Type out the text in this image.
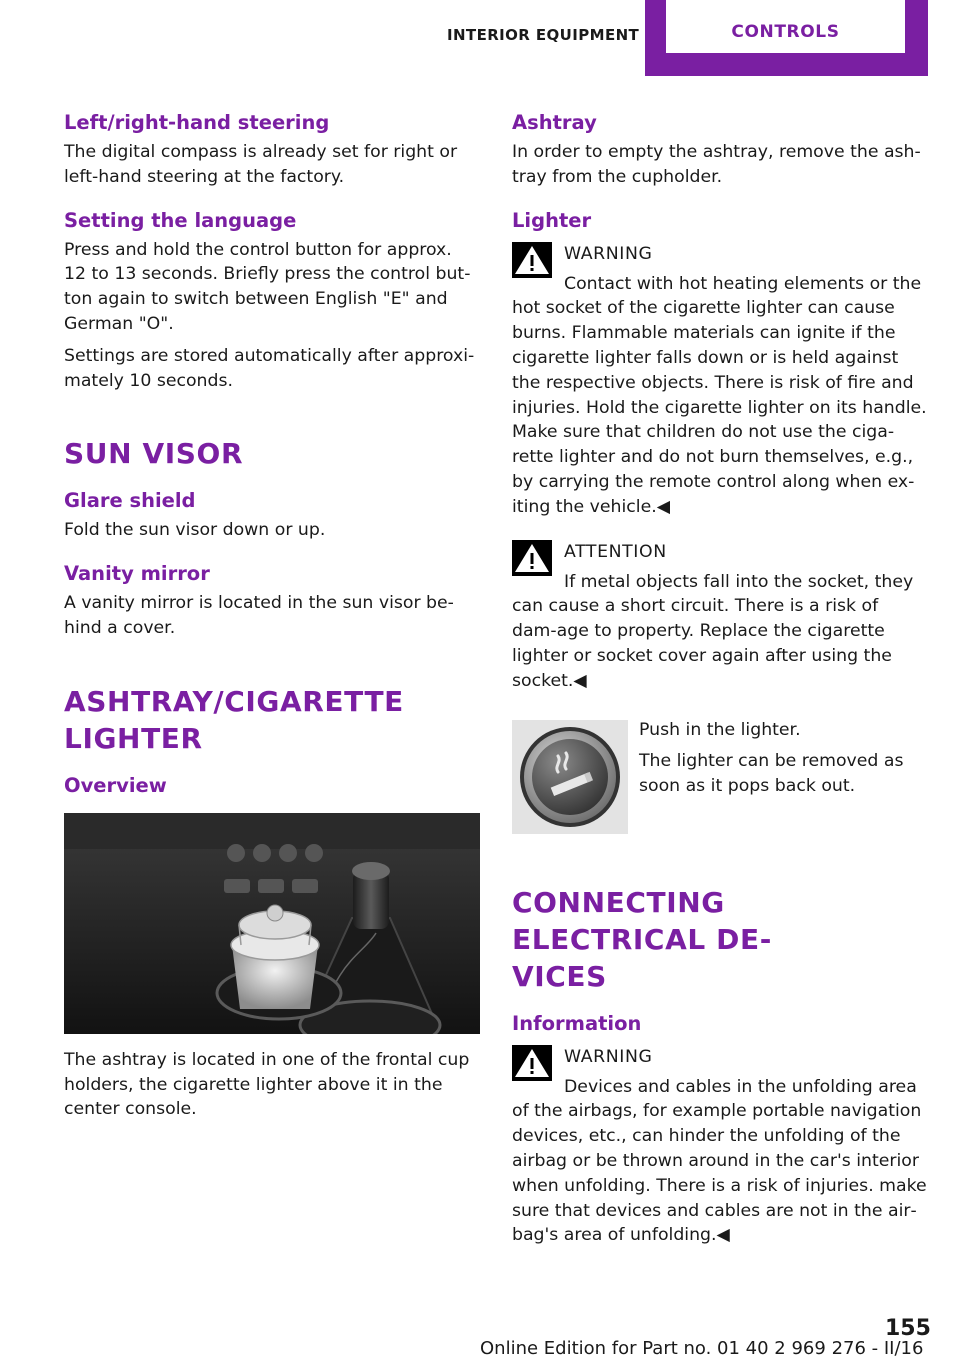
INTERIOR EQUIPMENT	CONTROLS
Left/right-hand steering

The digital compass is already set for right or left-hand steering at the factory.

Setting the language

Press and hold the control button for approx. 12 to 13 seconds. Briefly press the control but‐ton again to switch between English "E" and German "O".

Settings are stored automatically after approxi‐mately 10 seconds.

SUN VISOR
Glare shield

Fold the sun visor down or up.

Vanity mirror

A vanity mirror is located in the sun visor be‐hind a cover.

ASHTRAY/CIGARETTE
LIGHTER
Overview

The ashtray is located in one of the frontal cup holders, the cigarette lighter above it in the center console.

Ashtray

In order to empty the ashtray, remove the ash‐tray from the cupholder.

Lighter
WARNING

Contact with hot heating elements or the hot socket of the cigarette lighter can cause burns. Flammable materials can ignite if the cigarette lighter falls down or is held against the respective objects. There is risk of fire and injuries. Hold the cigarette lighter on its handle. Make sure that children do not use the ciga‐rette lighter and do not burn themselves, e.g., by carrying the remote control along when ex‐iting the vehicle.◀

ATTENTION

If metal objects fall into the socket, they can cause a short circuit. There is a risk of dam‐age to property. Replace the cigarette lighter or socket cover again after using the socket.◀

Push in the lighter.

The lighter can be removed as soon as it pops back out.

CONNECTING ELECTRICAL DE‐
VICES
Information
WARNING

Devices and cables in the unfolding area of the airbags, for example portable navigation devices, etc., can hinder the unfolding of the airbag or be thrown around in the car's interior when unfolding. There is a risk of injuries. make sure that devices and cables are not in the air‐bag's area of unfolding.◀

155
Online Edition for Part no. 01 40 2 969 276 - II/16
